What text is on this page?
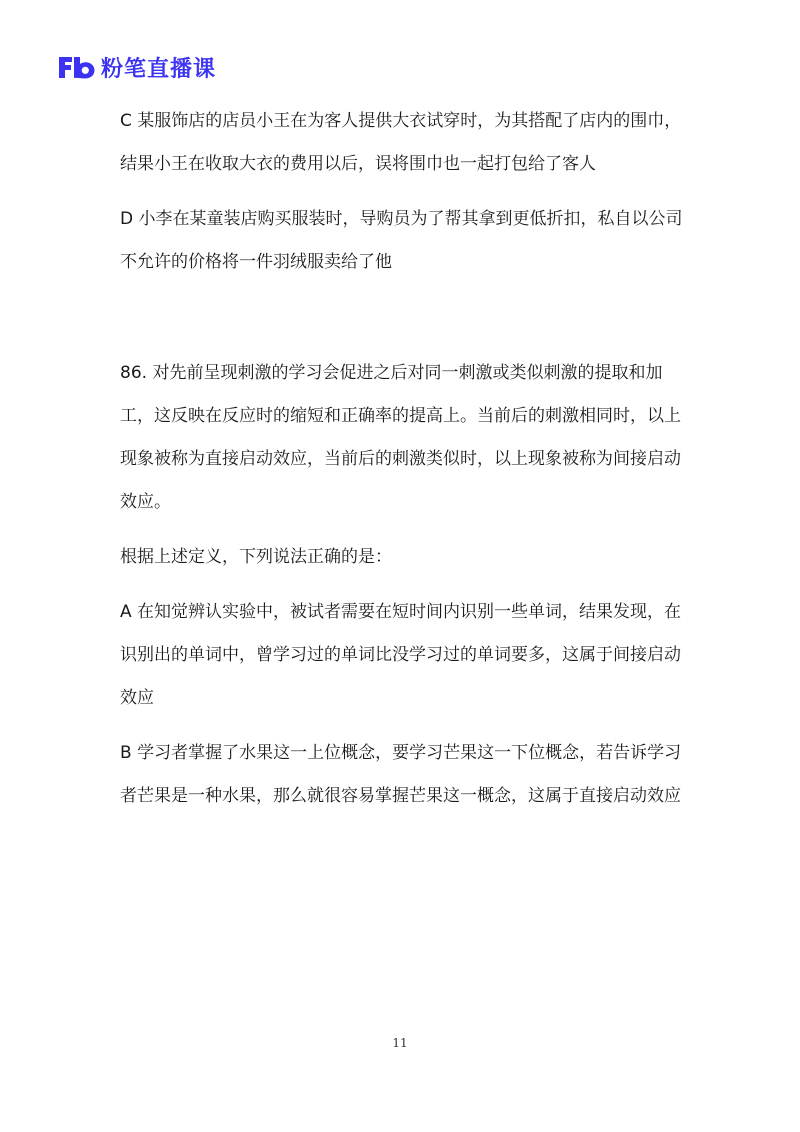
粉笔直播课

C 某服饰店的店员小王在为客人提供大衣试穿时，为其搭配了店内的围巾，结果小王在收取大衣的费用以后，误将围巾也一起打包给了客人

D 小李在某童装店购买服装时，导购员为了帮其拿到更低折扣，私自以公司不允许的价格将一件羽绒服卖给了他

86. 对先前呈现刺激的学习会促进之后对同一刺激或类似刺激的提取和加工，这反映在反应时的缩短和正确率的提高上。当前后的刺激相同时，以上现象被称为直接启动效应，当前后的刺激类似时，以上现象被称为间接启动效应。

根据上述定义，下列说法正确的是：

A 在知觉辨认实验中，被试者需要在短时间内识别一些单词，结果发现，在识别出的单词中，曾学习过的单词比没学习过的单词要多，这属于间接启动效应

B 学习者掌握了水果这一上位概念，要学习芒果这一下位概念，若告诉学习者芒果是一种水果，那么就很容易掌握芒果这一概念，这属于直接启动效应

11
